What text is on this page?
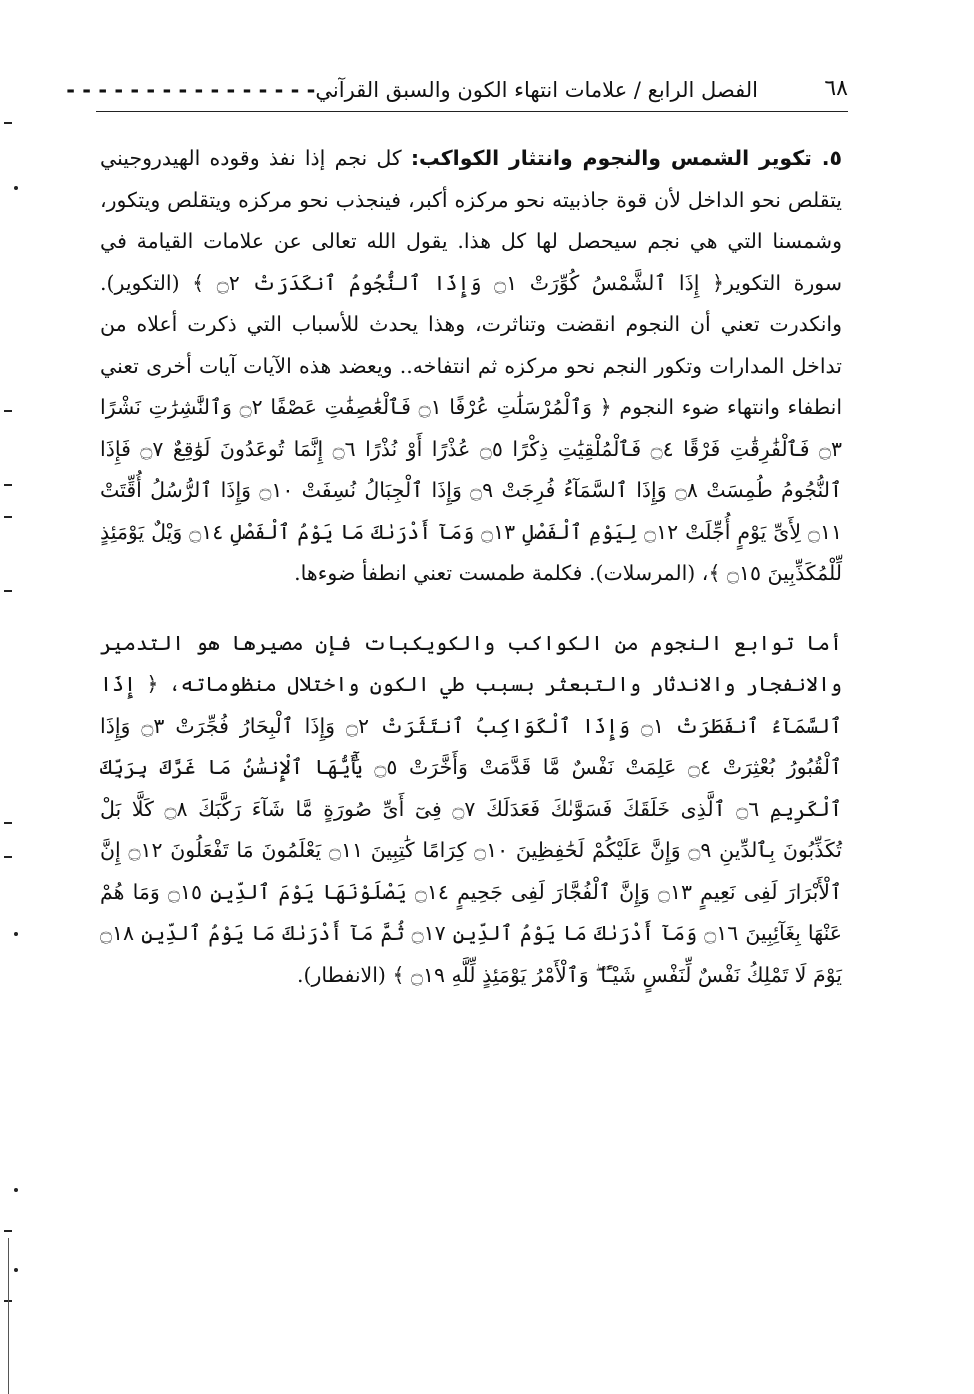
٦٨
الفصل الرابع / علامات انتهاء الكون والسبق القرآني- - - - - - - - - - - - - - - -

٥. تكوير الشمس والنجوم وانتثار الكواكب: كل نجم إذا نفذ وقوده الهيدروجيني يتقلص نحو الداخل لأن قوة جاذبيته نحو مركزه أكبر، فينجذب نحو مركزه ويتقلص ويتكور، وشمسنا التي هي نجم سيحصل لها كل هذا. يقول الله تعالى عن علامات القيامة في سورة التكوير﴿ إِذَا ٱلشَّمْسُ كُوِّرَتْ ۝١ وَإِذَا ٱلنُّجُومُ ٱنكَدَرَتْ ۝٢ ﴾ (التكوير). وانكدرت تعني أن النجوم انقضت وتناثرت، وهذا يحدث للأسباب التي ذكرت أعلاه من تداخل المدارات وتكور النجم نحو مركزه ثم انتفاخه.. ويعضد هذه الآيات آيات أخرى تعني انطفاء وانتهاء ضوء النجوم ﴿ وَٱلْمُرْسَلَٰتِ عُرْفًا ۝١ فَٱلْعَٰصِفَٰتِ عَصْفًا ۝٢ وَٱلنَّٰشِرَٰتِ نَشْرًا ۝٣ فَٱلْفَٰرِقَٰتِ فَرْقًا ۝٤ فَٱلْمُلْقِيَٰتِ ذِكْرًا ۝٥ عُذْرًا أَوْ نُذْرًا ۝٦ إِنَّمَا تُوعَدُونَ لَوَٰقِعٌ ۝٧ فَإِذَا ٱلنُّجُومُ طُمِسَتْ ۝٨ وَإِذَا ٱلسَّمَآءُ فُرِجَتْ ۝٩ وَإِذَا ٱلْجِبَالُ نُسِفَتْ ۝١٠ وَإِذَا ٱلرُّسُلُ أُقِّتَتْ ۝١١ لِأَىِّ يَوْمٍ أُجِّلَتْ ۝١٢ لِيَوْمِ ٱلْفَصْلِ ۝١٣ وَمَآ أَدْرَىٰكَ مَا يَوْمُ ٱلْفَصْلِ ۝١٤ وَيْلٌ يَوْمَئِذٍ لِّلْمُكَذِّبِينَ ۝١٥ ﴾، (المرسلات). فكلمة طمست تعني انطفأ ضوءها.

أما توابع النجوم من الكواكب والكويكبات فإن مصيرها هو التدمير والانفجار والاندثار والتبعثر بسبب طي الكون واختلال منظوماته، ﴿ إِذَا ٱلسَّمَآءُ ٱنفَطَرَتْ ۝١ وَإِذَا ٱلْكَوَاكِبُ ٱنتَثَرَتْ ۝٢ وَإِذَا ٱلْبِحَارُ فُجِّرَتْ ۝٣ وَإِذَا ٱلْقُبُورُ بُعْثِرَتْ ۝٤ عَلِمَتْ نَفْسٌ مَّا قَدَّمَتْ وَأَخَّرَتْ ۝٥ يَٰٓأَيُّهَا ٱلْإِنسَٰنُ مَا غَرَّكَ بِرَبِّكَ ٱلْكَرِيمِ ۝٦ ٱلَّذِى خَلَقَكَ فَسَوَّىٰكَ فَعَدَلَكَ ۝٧ فِىٓ أَىِّ صُورَةٍ مَّا شَآءَ رَكَّبَكَ ۝٨ كَلَّا بَلْ تُكَذِّبُونَ بِٱلدِّينِ ۝٩ وَإِنَّ عَلَيْكُمْ لَحَٰفِظِينَ ۝١٠ كِرَامًا كَٰتِبِينَ ۝١١ يَعْلَمُونَ مَا تَفْعَلُونَ ۝١٢ إِنَّ ٱلْأَبْرَارَ لَفِى نَعِيمٍ ۝١٣ وَإِنَّ ٱلْفُجَّارَ لَفِى جَحِيمٍ ۝١٤ يَصْلَوْنَهَا يَوْمَ ٱلدِّينِ ۝١٥ وَمَا هُمْ عَنْهَا بِغَآئِبِينَ ۝١٦ وَمَآ أَدْرَىٰكَ مَا يَوْمُ ٱلدِّينِ ۝١٧ ثُمَّ مَآ أَدْرَىٰكَ مَا يَوْمُ ٱلدِّينِ ۝١٨ يَوْمَ لَا تَمْلِكُ نَفْسٌ لِّنَفْسٍ شَيْـًٔا ۖ وَٱلْأَمْرُ يَوْمَئِذٍ لِّلَّهِ ۝١٩ ﴾ (الانفطار).
